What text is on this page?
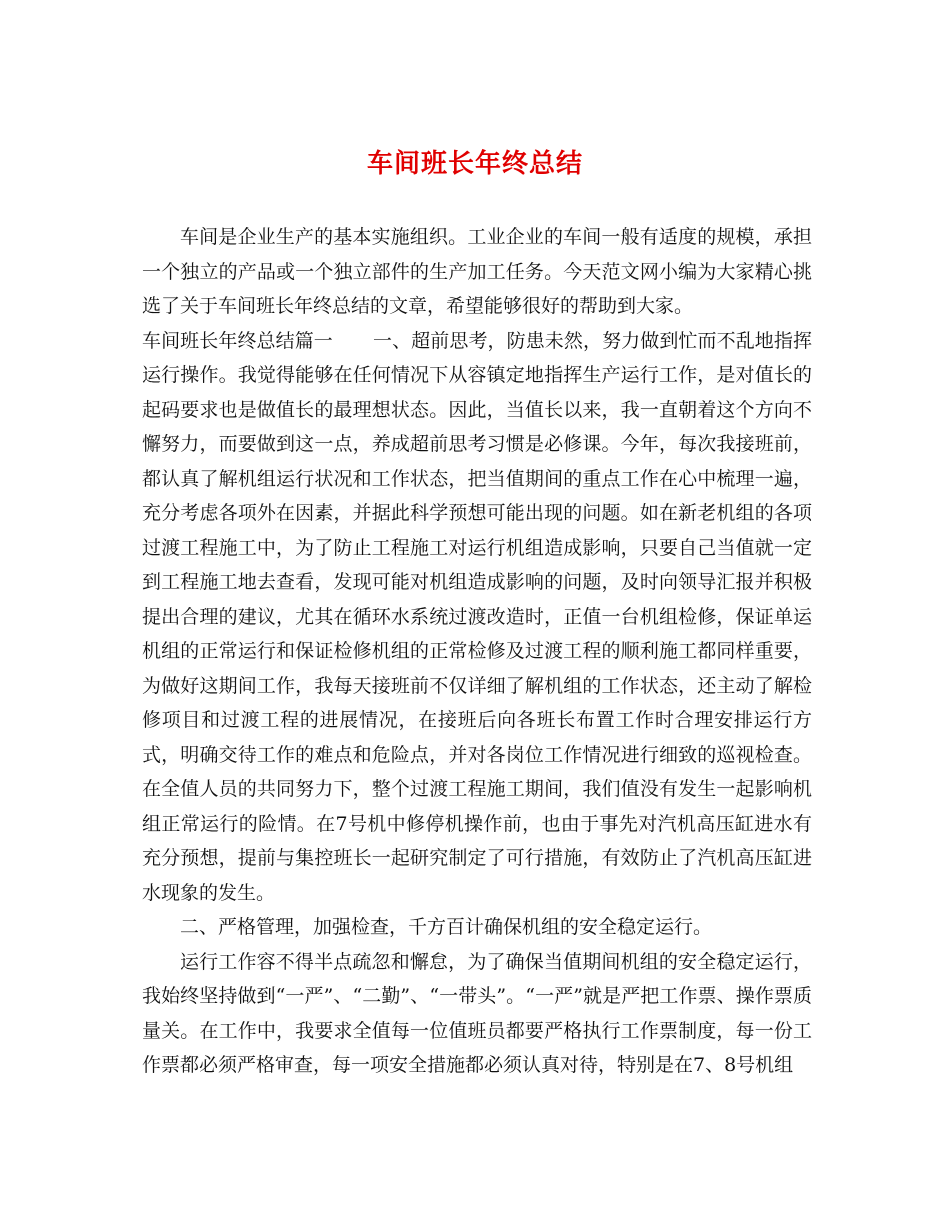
车间班长年终总结

车间是企业生产的基本实施组织。工业企业的车间一般有适度的规模，承担一个独立的产品或一个独立部件的生产加工任务。今天范文网小编为大家精心挑选了关于车间班长年终总结的文章，希望能够很好的帮助到大家。

车间班长年终总结篇一 一、超前思考，防患未然，努力做到忙而不乱地指挥运行操作。我觉得能够在任何情况下从容镇定地指挥生产运行工作，是对值长的起码要求也是做值长的最理想状态。因此，当值长以来，我一直朝着这个方向不懈努力，而要做到这一点，养成超前思考习惯是必修课。今年，每次我接班前，都认真了解机组运行状况和工作状态，把当值期间的重点工作在心中梳理一遍，充分考虑各项外在因素，并据此科学预想可能出现的问题。如在新老机组的各项过渡工程施工中，为了防止工程施工对运行机组造成影响，只要自己当值就一定到工程施工地去查看，发现可能对机组造成影响的问题，及时向领导汇报并积极提出合理的建议，尤其在循环水系统过渡改造时，正值一台机组检修，保证单运机组的正常运行和保证检修机组的正常检修及过渡工程的顺利施工都同样重要，为做好这期间工作，我每天接班前不仅详细了解机组的工作状态，还主动了解检修项目和过渡工程的进展情况，在接班后向各班长布置工作时合理安排运行方式，明确交待工作的难点和危险点，并对各岗位工作情况进行细致的巡视检查。在全值人员的共同努力下，整个过渡工程施工期间，我们值没有发生一起影响机组正常运行的险情。在7号机中修停机操作前，也由于事先对汽机高压缸进水有充分预想，提前与集控班长一起研究制定了可行措施，有效防止了汽机高压缸进水现象的发生。

二、严格管理，加强检查，千方百计确保机组的安全稳定运行。

运行工作容不得半点疏忽和懈怠，为了确保当值期间机组的安全稳定运行，我始终坚持做到“一严”、“二勤”、“一带头”。“一严”就是严把工作票、操作票质量关。在工作中，我要求全值每一位值班员都要严格执行工作票制度，每一份工作票都必须严格审查，每一项安全措施都必须认真对待，特别是在7、8号机组
